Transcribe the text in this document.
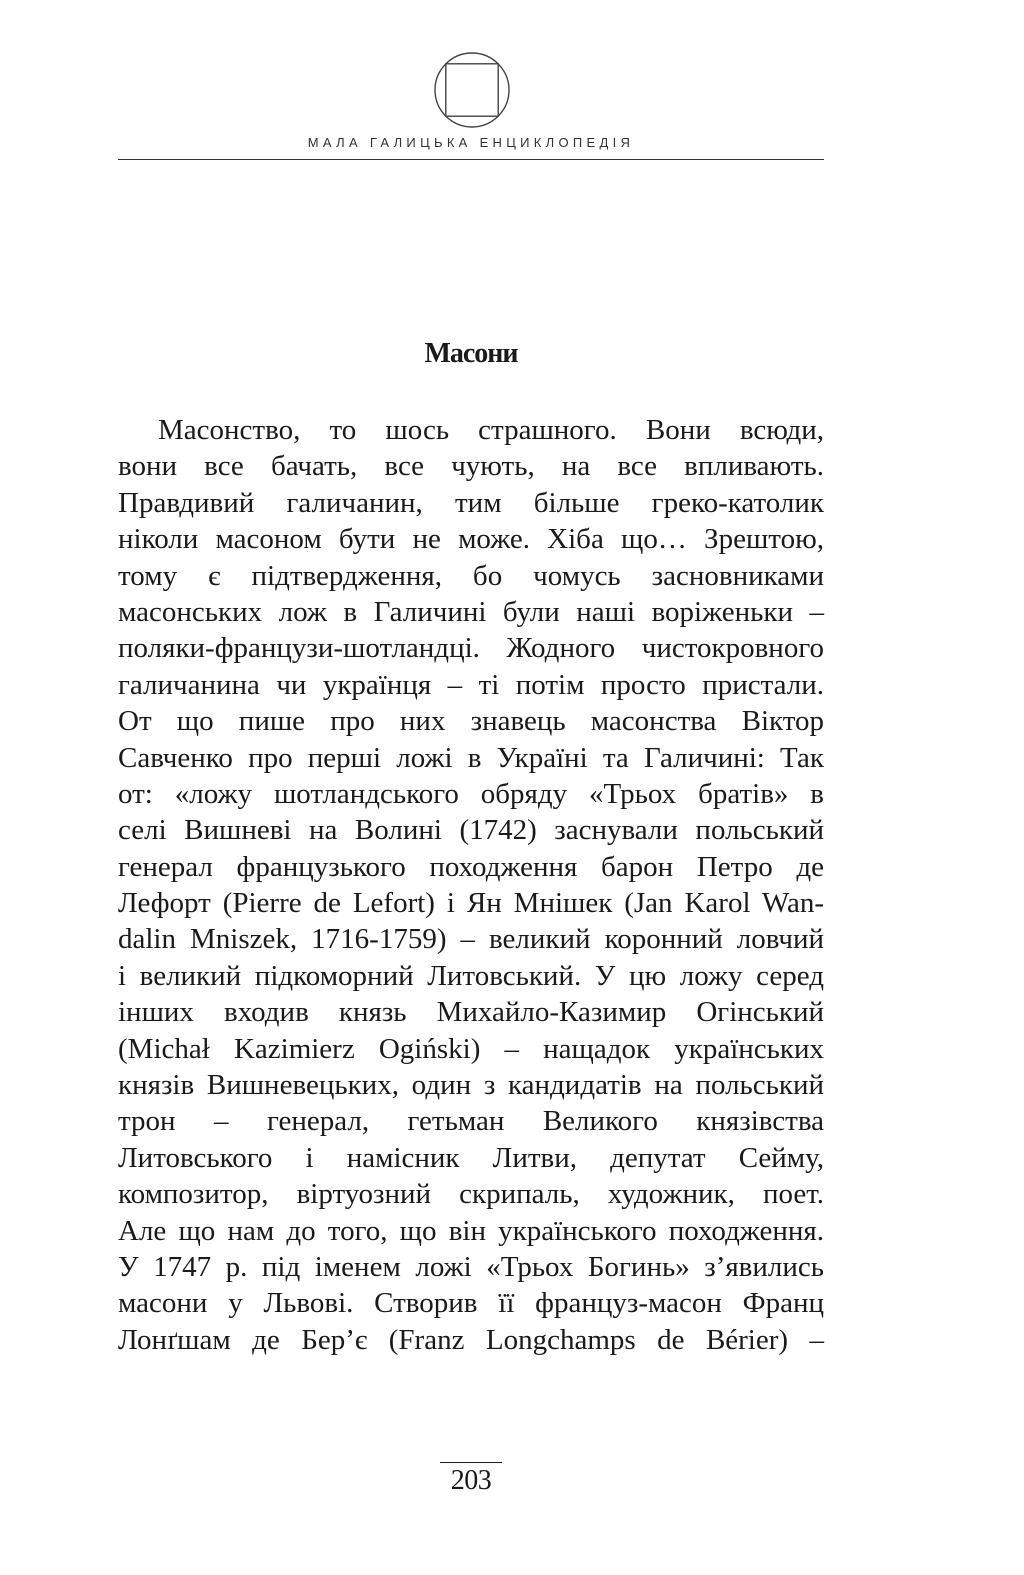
МАЛА ГАЛИЦЬКА ЕНЦИКЛОПЕДІЯ
Масони
Масонство, то шось страшного. Вони всюди,
вони все бачать, все чують, на все впливають.
Правдивий галичанин, тим більше греко-католик
ніколи масоном бути не може. Хіба що… Зрештою,
тому є підтвердження, бо чомусь засновниками
масонських лож в Галичині були наші воріженьки –
поляки-французи-шотландці. Жодного чистокровного
галичанина чи українця – ті потім просто пристали.
От що пише про них знавець масонства Віктор
Савченко про перші ложі в Україні та Галичині: Так
от: «ложу шотландського обряду «Трьох братів» в
селі Вишневі на Волині (1742) заснували польський
генерал французького походження барон Петро де
Лефорт (Pierre de Lefort) і Ян Мнішек (Jan Karol Wan-
dalin Mniszek, 1716-1759) – великий коронний ловчий
і великий підкоморний Литовський. У цю ложу серед
інших входив князь Михайло-Казимир Огінський
(Michał Kazimierz Ogiński) – нащадок українських
князів Вишневецьких, один з кандидатів на польський
трон – генерал, гетьман Великого князівства
Литовського і намісник Литви, депутат Сейму,
композитор, віртуозний скрипаль, художник, поет.
Але що нам до того, що він українського походження.
У 1747 р. під іменем ложі «Трьох Богинь» з’явились
масони у Львові. Створив її француз-масон Франц
Лонґшам де Бер’є (Franz Longchamps de Bérier) –
203
